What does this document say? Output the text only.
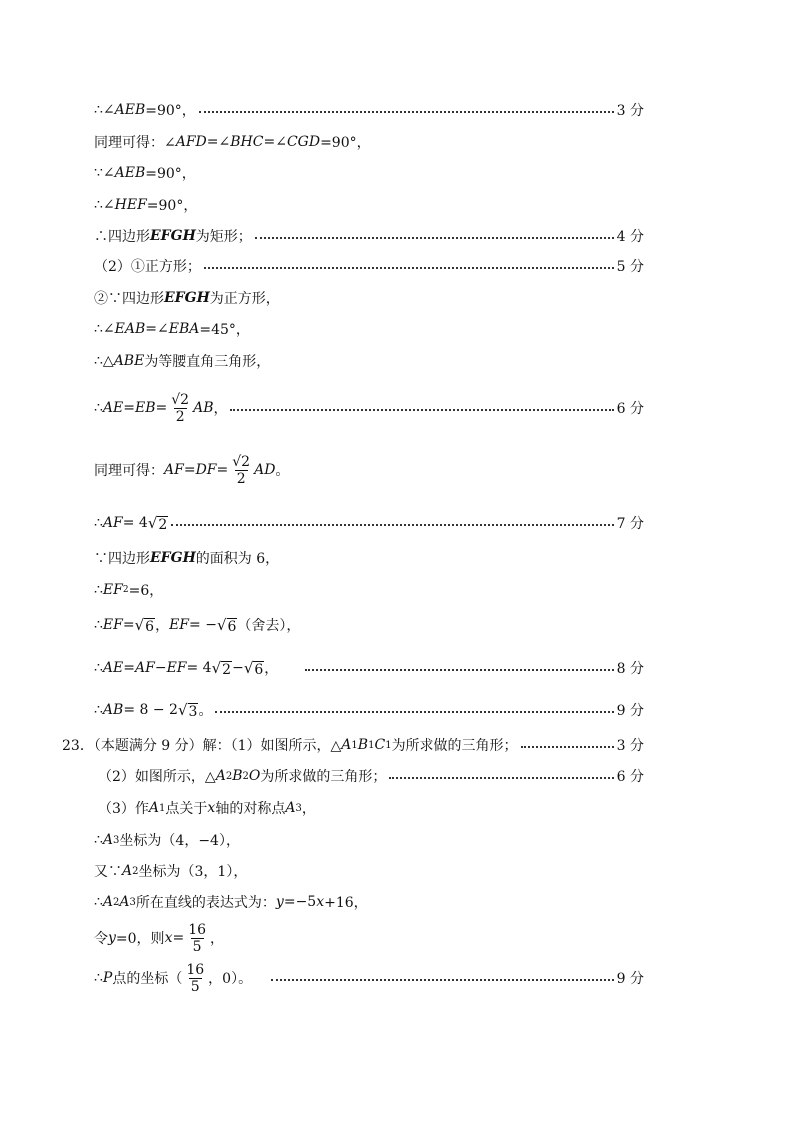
∴∠ AEB =90°，	3 分
同理可得：∠ AFD =∠ BHC =∠ CGD =90°，
∵∠ AEB =90°，
∴∠ HEF =90°，
∴四边形 EFGH 为矩形；	4 分
（2）①正方形；	5 分
②∵四边形 EFGH 为正方形，
∴∠ EAB =∠ EBA =45°，
∴△ ABE 为等腰直角三角形，
∴ AE = EB = $\frac{√2}{2}$ AB ，	6 分
同理可得： AF = DF = $\frac{√2}{2}$ AD 。
∴ AF = 4 √ 2	7 分
∵四边形 EFGH 的面积为 6，
∴ EF 2 =6，
∴ EF = √ 6 ， EF = − √ 6 （舍去），
∴ AE = AF − EF = 4 √ 2 − √ 6 ，	8 分
∴ AB = 8 − 2 √ 3 。	9 分
23．（本题满分 9 分）解：（1）如图所示，△ A 1 B 1 C 1 为所求做的三角形；	3 分
（2）如图所示，△ A 2 B 2 O 为所求做的三角形；	6 分
（3）作 A 1 点关于 x 轴的对称点 A 3 ，
∴ A 3 坐标为（4，−4），
又∵ A 2 坐标为（3，1），
∴ A 2 A 3 所在直线的表达式为： y =−5 x +16，
令 y =0，则 $x = \frac{16}{5}$ ，
∴ P 点的坐标（ $\frac{16}{5}$ ，0）。	9 分
